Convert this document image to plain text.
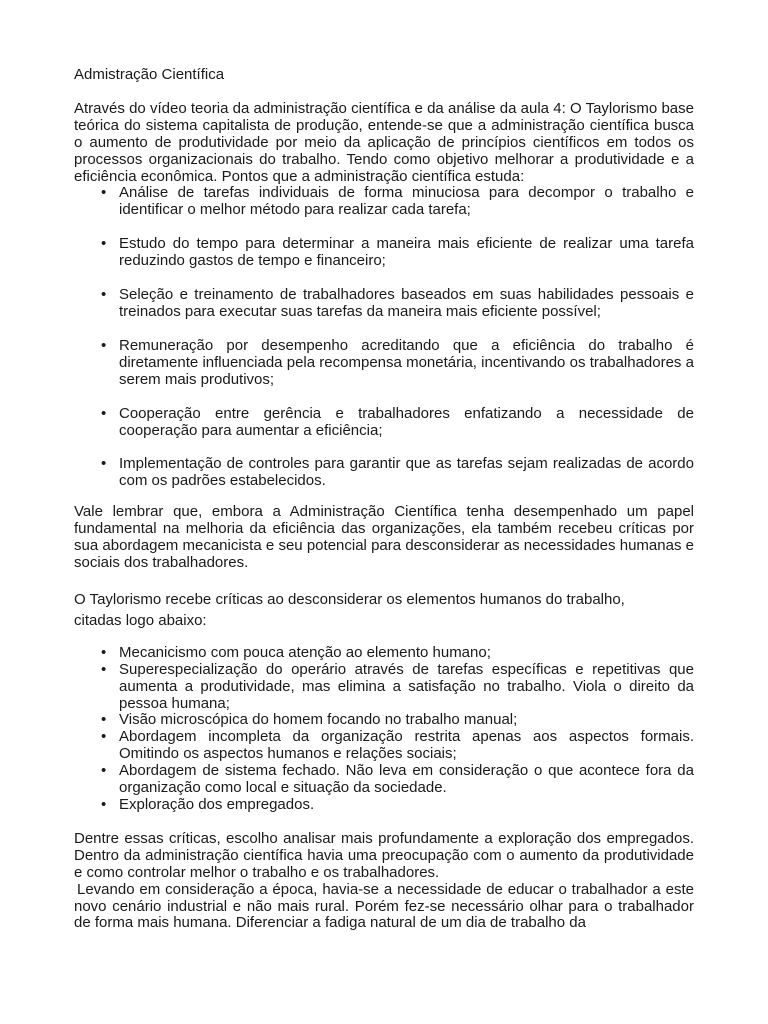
Admistração Científica

Através do vídeo teoria da administração científica e da análise da aula 4: O Taylorismo base teórica do sistema capitalista de produção, entende-se que a administração científica busca o aumento de produtividade por meio da aplicação de princípios científicos em todos os processos organizacionais do trabalho. Tendo como objetivo melhorar a produtividade e a eficiência econômica. Pontos que a administração científica estuda:

• Análise de tarefas individuais de forma minuciosa para decompor o trabalho e identificar o melhor método para realizar cada tarefa;
• Estudo do tempo para determinar a maneira mais eficiente de realizar uma tarefa reduzindo gastos de tempo e financeiro;
• Seleção e treinamento de trabalhadores baseados em suas habilidades pessoais e treinados para executar suas tarefas da maneira mais eficiente possível;
• Remuneração por desempenho acreditando que a eficiência do trabalho é diretamente influenciada pela recompensa monetária, incentivando os trabalhadores a serem mais produtivos;
• Cooperação entre gerência e trabalhadores enfatizando a necessidade de cooperação para aumentar a eficiência;
• Implementação de controles para garantir que as tarefas sejam realizadas de acordo com os padrões estabelecidos.

Vale lembrar que, embora a Administração Científica tenha desempenhado um papel fundamental na melhoria da eficiência das organizações, ela também recebeu críticas por sua abordagem mecanicista e seu potencial para desconsiderar as necessidades humanas e sociais dos trabalhadores.

O Taylorismo recebe críticas ao desconsiderar os elementos humanos do trabalho,
citadas logo abaixo:

• Mecanicismo com pouca atenção ao elemento humano;
• Superespecialização do operário através de tarefas específicas e repetitivas que aumenta a produtividade, mas elimina a satisfação no trabalho. Viola o direito da pessoa humana;
• Visão microscópica do homem focando no trabalho manual;
• Abordagem incompleta da organização restrita apenas aos aspectos formais. Omitindo os aspectos humanos e relações sociais;
• Abordagem de sistema fechado. Não leva em consideração o que acontece fora da organização como local e situação da sociedade.
• Exploração dos empregados.

Dentre essas críticas, escolho analisar mais profundamente a exploração dos empregados. Dentro da administração científica havia uma preocupação com o aumento da produtividade e como controlar melhor o trabalho e os trabalhadores.

Levando em consideração a época, havia-se a necessidade de educar o trabalhador a este novo cenário industrial e não mais rural. Porém fez-se necessário olhar para o trabalhador de forma mais humana. Diferenciar a fadiga natural de um dia de trabalho da
